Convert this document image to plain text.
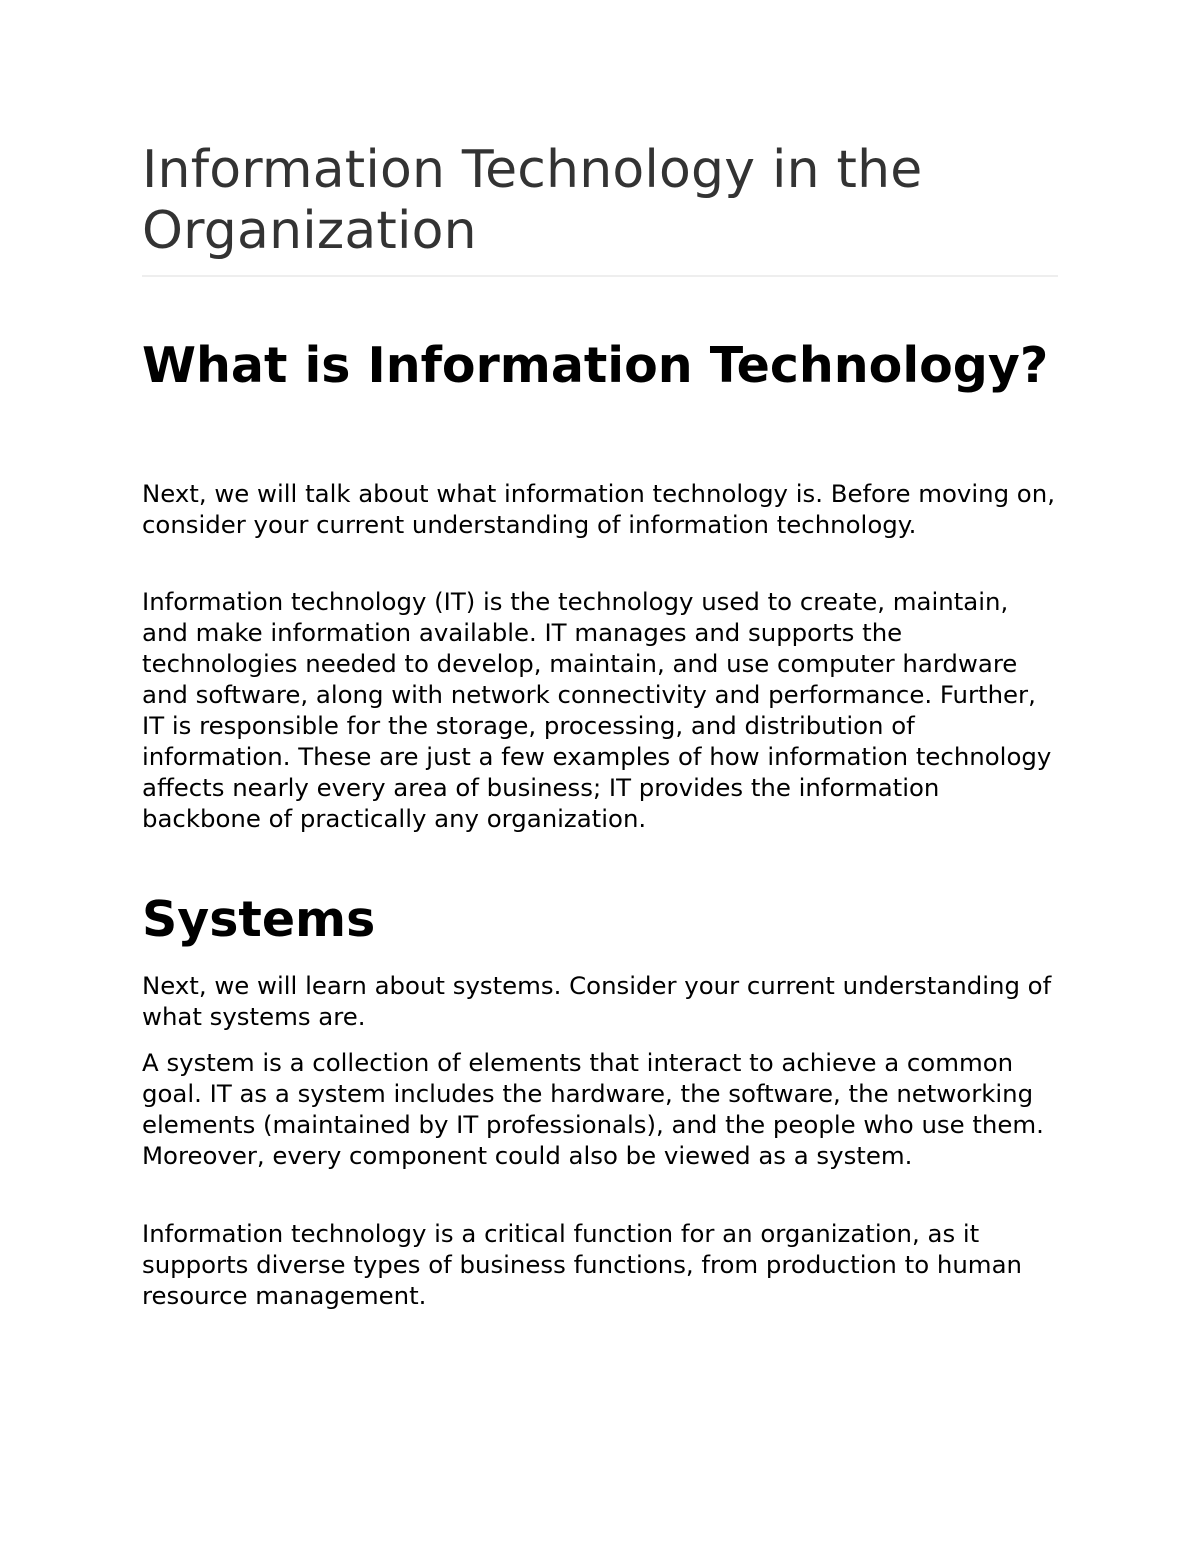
Information Technology in the Organization
What is Information Technology?

Next, we will talk about what information technology is. Before moving on, consider your current understanding of information technology.

Information technology (IT) is the technology used to create, maintain, and make information available. IT manages and supports the technologies needed to develop, maintain, and use computer hardware and software, along with network connectivity and performance. Further, IT is responsible for the storage, processing, and distribution of information. These are just a few examples of how information technology affects nearly every area of business; IT provides the information backbone of practically any organization.

Systems

Next, we will learn about systems. Consider your current understanding of what systems are.

A system is a collection of elements that interact to achieve a common goal. IT as a system includes the hardware, the software, the networking elements (maintained by IT professionals), and the people who use them. Moreover, every component could also be viewed as a system.

Information technology is a critical function for an organization, as it supports diverse types of business functions, from production to human resource management.
